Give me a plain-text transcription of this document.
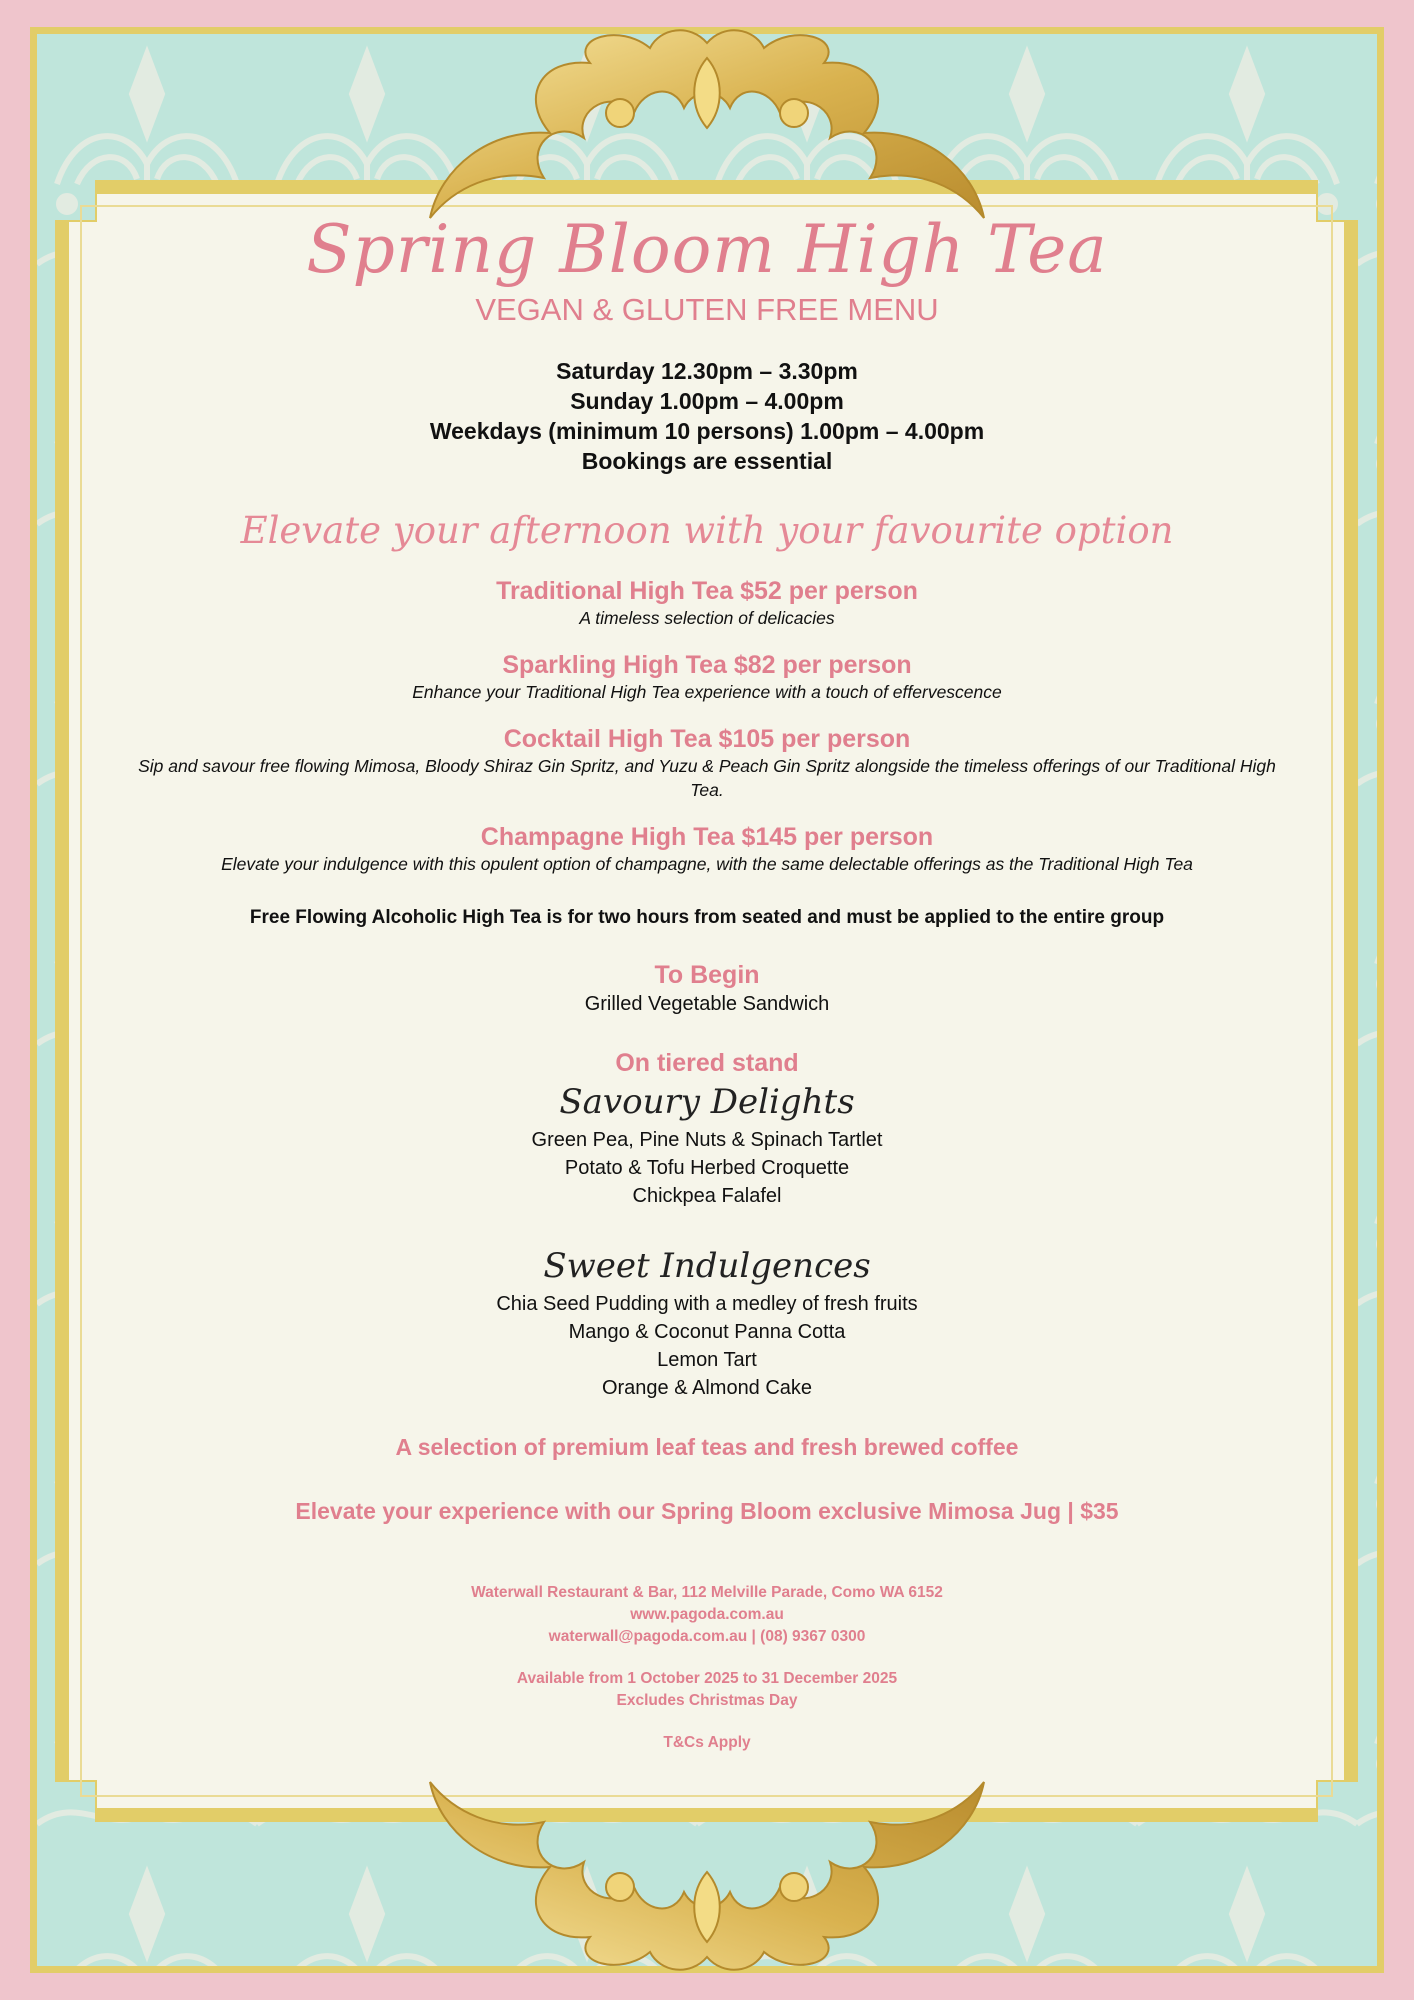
Spring Bloom High Tea
VEGAN & GLUTEN FREE MENU
Saturday 12.30pm – 3.30pm
Sunday 1.00pm – 4.00pm
Weekdays (minimum 10 persons) 1.00pm – 4.00pm
Bookings are essential
Elevate your afternoon with your favourite option
Traditional High Tea $52 per person
A timeless selection of delicacies
Sparkling High Tea $82 per person
Enhance your Traditional High Tea experience with a touch of effervescence
Cocktail High Tea $105 per person
Sip and savour free flowing Mimosa, Bloody Shiraz Gin Spritz, and Yuzu & Peach Gin Spritz alongside the timeless offerings of our Traditional High Tea.
Champagne High Tea $145 per person
Elevate your indulgence with this opulent option of champagne, with the same delectable offerings as the Traditional High Tea
Free Flowing Alcoholic High Tea is for two hours from seated and must be applied to the entire group
To Begin
Grilled Vegetable Sandwich
On tiered stand
Savoury Delights
Green Pea, Pine Nuts & Spinach Tartlet
Potato & Tofu Herbed Croquette
Chickpea Falafel
Sweet Indulgences
Chia Seed Pudding with a medley of fresh fruits
Mango & Coconut Panna Cotta
Lemon Tart
Orange & Almond Cake
A selection of premium leaf teas and fresh brewed coffee
Elevate your experience with our Spring Bloom exclusive Mimosa Jug | $35
Waterwall Restaurant & Bar, 112 Melville Parade, Como WA 6152
www.pagoda.com.au
waterwall@pagoda.com.au | (08) 9367 0300
Available from 1 October 2025 to 31 December 2025
Excludes Christmas Day
T&Cs Apply
